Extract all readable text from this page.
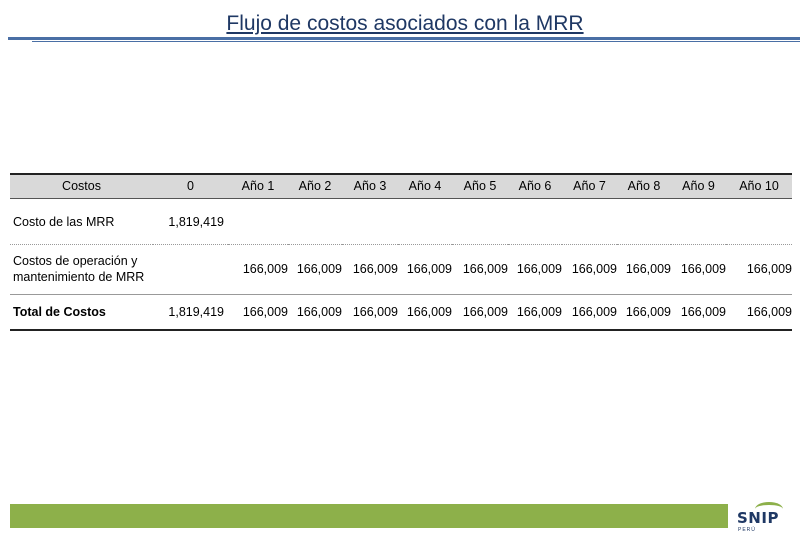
Flujo de costos asociados con la MRR
Costos	0	Año 1	Año 2	Año 3	Año 4	Año 5	Año 6	Año 7	Año 8	Año 9	Año 10
Costo de las MRR	1,819,419										
Costos de operación y mantenimiento de MRR		166,009	166,009	166,009	166,009	166,009	166,009	166,009	166,009	166,009	166,009
Total de Costos	1,819,419	166,009	166,009	166,009	166,009	166,009	166,009	166,009	166,009	166,009	166,009
SNIP
PERÚ
